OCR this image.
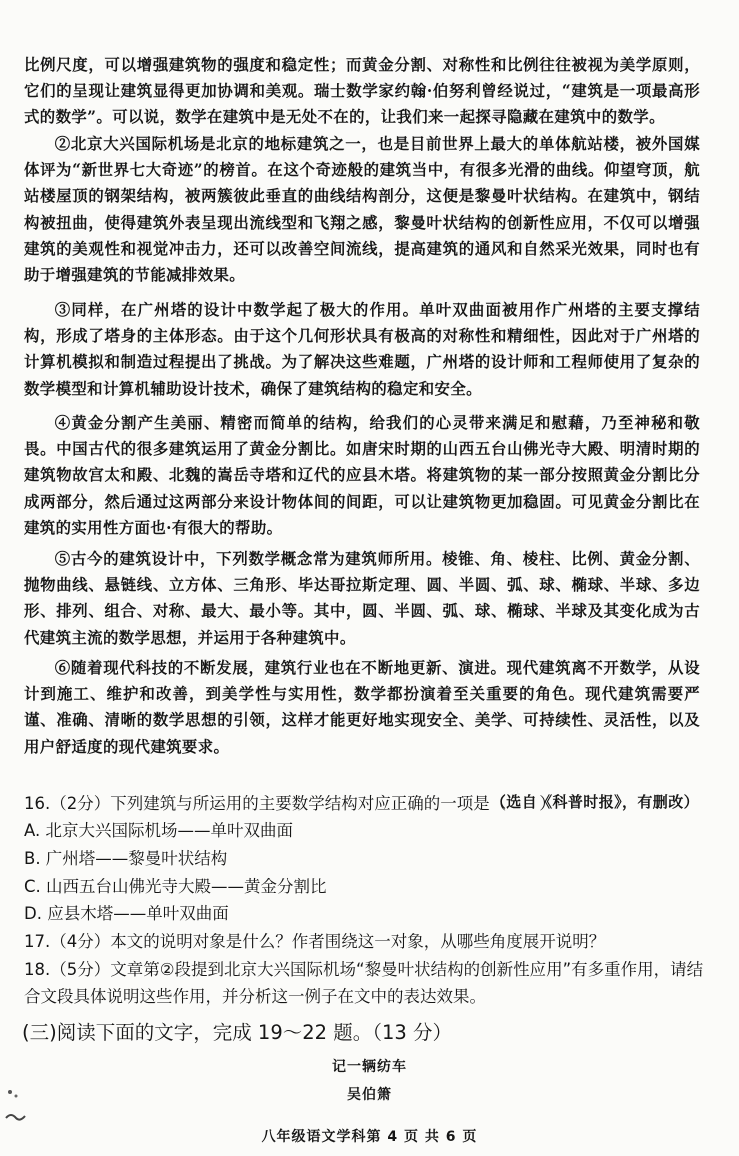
比例尺度，可以增强建筑物的强度和稳定性；而黄金分割、对称性和比例往往被视为美学原则，它们的呈现让建筑显得更加协调和美观。瑞士数学家约翰·伯努利曾经说过，“建筑是一项最高形式的数学”。可以说，数学在建筑中是无处不在的，让我们来一起探寻隐藏在建筑中的数学。

②北京大兴国际机场是北京的地标建筑之一，也是目前世界上最大的单体航站楼，被外国媒体评为“新世界七大奇迹”的榜首。在这个奇迹般的建筑当中，有很多光滑的曲线。仰望穹顶，航站楼屋顶的钢架结构，被两簇彼此垂直的曲线结构剖分，这便是黎曼叶状结构。在建筑中，钢结构被扭曲，使得建筑外表呈现出流线型和飞翔之感，黎曼叶状结构的创新性应用，不仅可以增强建筑的美观性和视觉冲击力，还可以改善空间流线，提高建筑的通风和自然采光效果，同时也有助于增强建筑的节能减排效果。

③同样，在广州塔的设计中数学起了极大的作用。单叶双曲面被用作广州塔的主要支撑结构，形成了塔身的主体形态。由于这个几何形状具有极高的对称性和精细性，因此对于广州塔的计算机模拟和制造过程提出了挑战。为了解决这些难题，广州塔的设计师和工程师使用了复杂的数学模型和计算机辅助设计技术，确保了建筑结构的稳定和安全。

④黄金分割产生美丽、精密而简单的结构，给我们的心灵带来满足和慰藉，乃至神秘和敬畏。中国古代的很多建筑运用了黄金分割比。如唐宋时期的山西五台山佛光寺大殿、明清时期的建筑物故宫太和殿、北魏的嵩岳寺塔和辽代的应县木塔。将建筑物的某一部分按照黄金分割比分成两部分，然后通过这两部分来设计物体间的间距，可以让建筑物更加稳固。可见黄金分割比在建筑的实用性方面也·有很大的帮助。

⑤古今的建筑设计中，下列数学概念常为建筑师所用。棱锥、角、棱柱、比例、黄金分割、抛物曲线、悬链线、立方体、三角形、毕达哥拉斯定理、圆、半圆、弧、球、椭球、半球、多边形、排列、组合、对称、最大、最小等。其中，圆、半圆、弧、球、椭球、半球及其变化成为古代建筑主流的数学思想，并运用于各种建筑中。

⑥随着现代科技的不断发展，建筑行业也在不断地更新、演进。现代建筑离不开数学，从设计到施工、维护和改善，到美学性与实用性，数学都扮演着至关重要的角色。现代建筑需要严谨、准确、清晰的数学思想的引领，这样才能更好地实现安全、美学、可持续性、灵活性，以及用户舒适度的现代建筑要求。

（选自《科普时报》，有删改）

16.（2分）下列建筑与所运用的主要数学结构对应正确的一项是（　　）

A. 北京大兴国际机场——单叶双曲面
B. 广州塔——黎曼叶状结构
C. 山西五台山佛光寺大殿——黄金分割比
D. 应县木塔——单叶双曲面

17.（4分）本文的说明对象是什么？作者围绕这一对象，从哪些角度展开说明？

18.（5分）文章第②段提到北京大兴国际机场“黎曼叶状结构的创新性应用”有多重作用，请结合文段具体说明这些作用，并分析这一例子在文中的表达效果。

(三)阅读下面的文字，完成 19～22 题。（13 分）
记一辆纺车
吴伯箫
八年级语文学科第 4 页 共 6 页
